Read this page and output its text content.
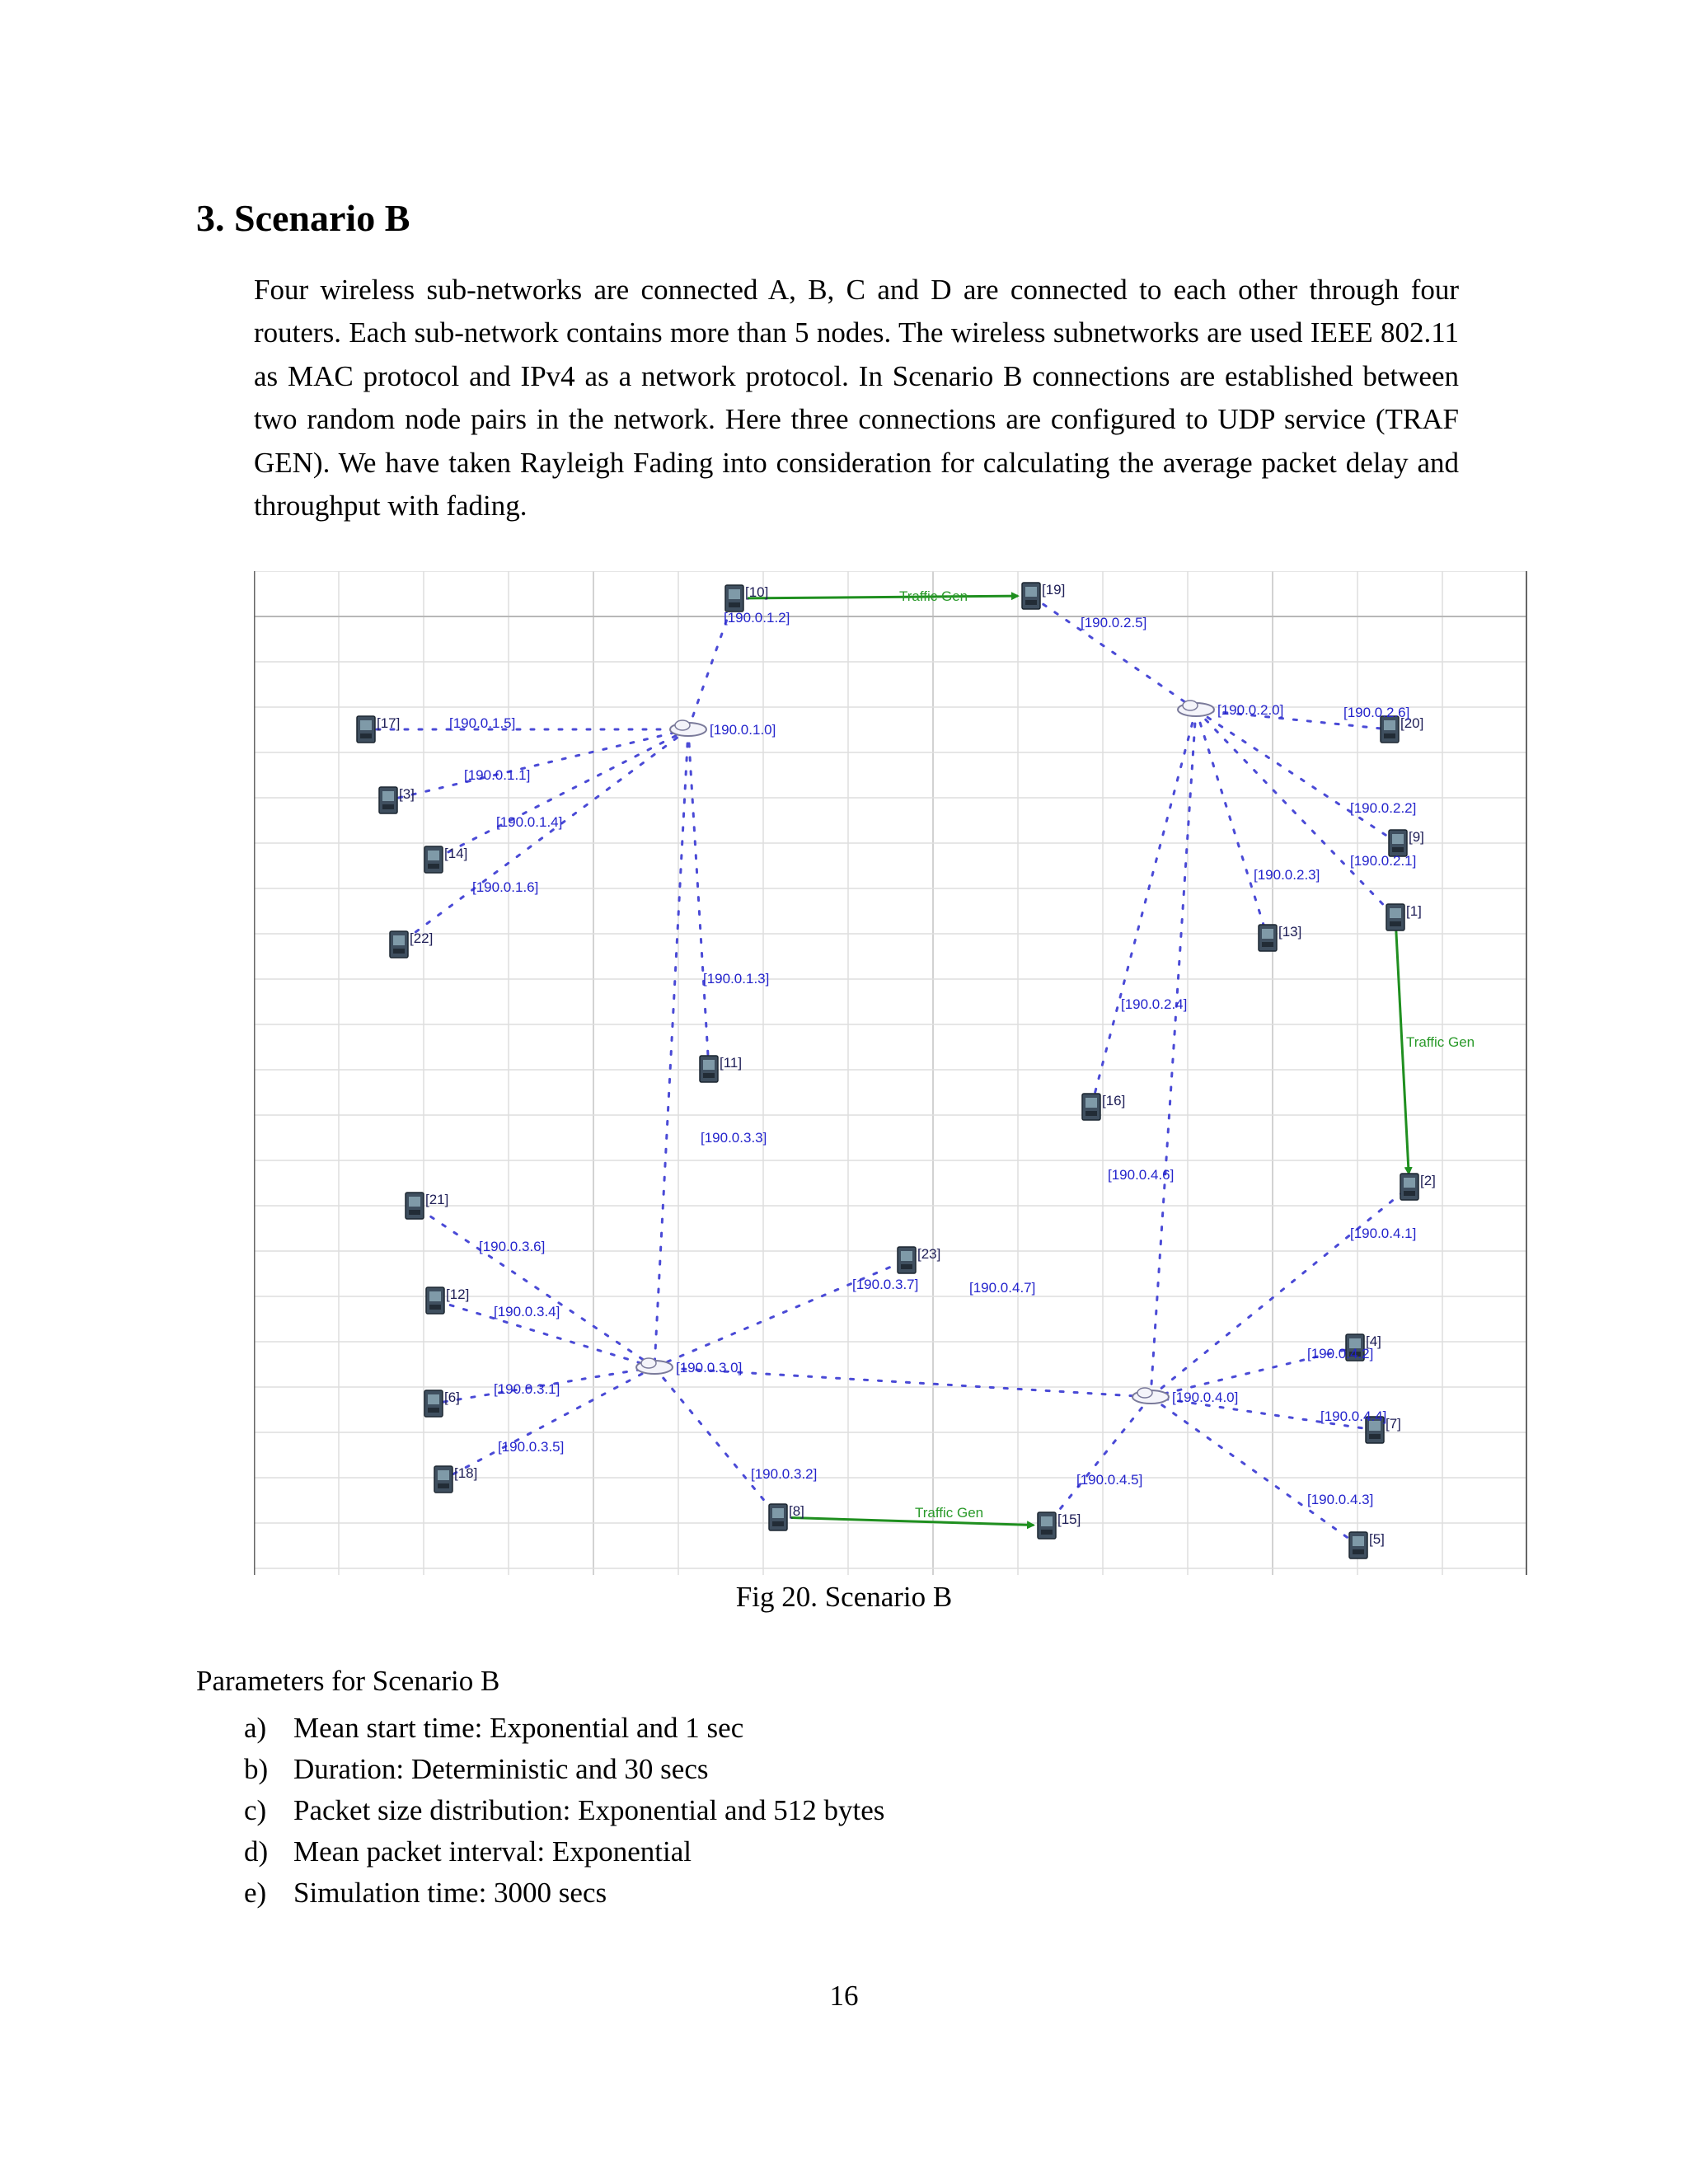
3. Scenario B

Four wireless sub-networks are connected A, B, C and D are connected to each other through four routers. Each sub-network contains more than 5 nodes. The wireless subnetworks are used IEEE 802.11 as MAC protocol and IPv4 as a network protocol. In Scenario B connections are established between two random node pairs in the network. Here three connections are configured to UDP service (TRAF GEN). We have taken Rayleigh Fading into consideration for calculating the average packet delay and throughput with fading.

Traffic Gen
Traffic Gen
Traffic Gen
[190.0.1.0]
[190.0.2.0]
[190.0.3.0]
[190.0.4.0]
[10]
[190.0.1.2]
[17]	[190.0.1.5]
[3]
[190.0.1.1]
[14]
[190.0.1.4]
[22]
[190.0.1.6]
[11]
[190.0.1.3]
[19]
[190.0.2.5]
[20]
[190.0.2.6]
[9]
[190.0.2.2]
[1]
[190.0.2.1]
[13]
[190.0.2.3]
[16]
[190.0.2.4]
[21]
[190.0.3.6]
[12]
[190.0.3.4]
[6]
[190.0.3.1]
[18]
[190.0.3.5]
[8]
[190.0.3.2]
[23]
[190.0.3.7]
[2]
[190.0.4.1]
[4]
[190.0.4.2]
[7]
[190.0.4.4]
[5]
[190.0.4.3]
[15]
[190.0.4.5]
[190.0.3.3]
[190.0.4.6]
[190.0.4.7]
Fig 20. Scenario B
Parameters for Scenario B
a) Mean start time: Exponential and 1 sec
b) Duration: Deterministic and 30 secs
c) Packet size distribution: Exponential and 512 bytes
d) Mean packet interval: Exponential
e) Simulation time: 3000 secs
16
